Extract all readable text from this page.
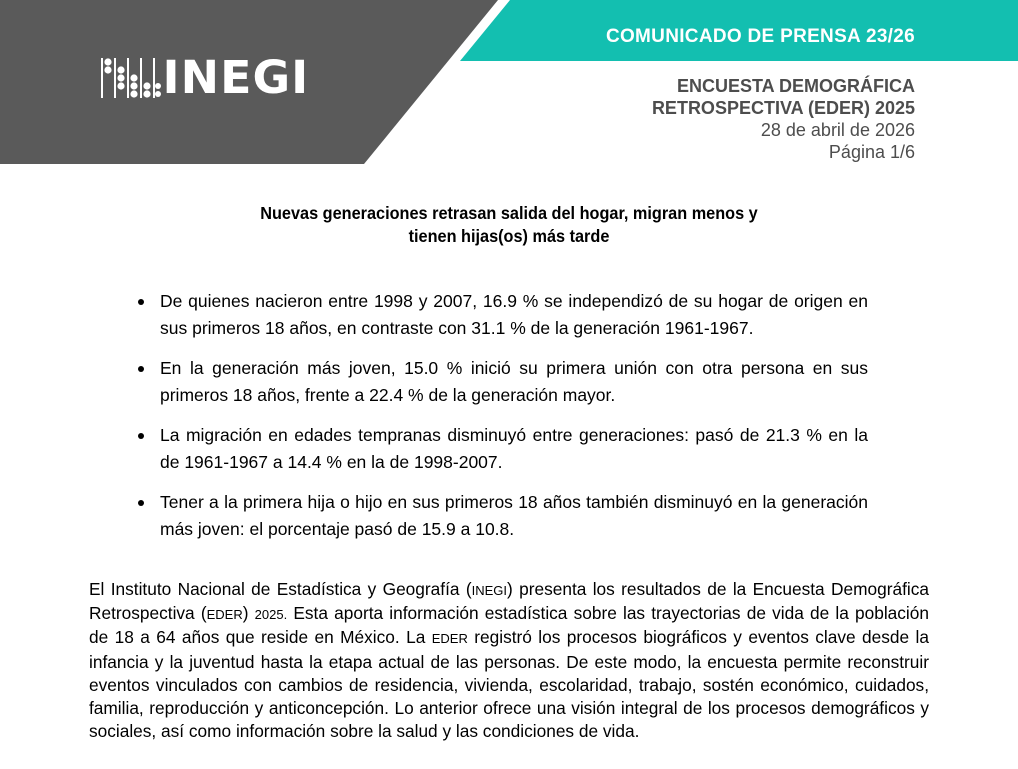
INEGI
COMUNICADO DE PRENSA 23/26
ENCUESTA DEMOGRÁFICA
RETROSPECTIVA (EDER) 2025
28 de abril de 2026
Página 1/6
Nuevas generaciones retrasan salida del hogar, migran menos y
tienen hijas(os) más tarde
De quienes nacieron entre 1998 y 2007, 16.9 % se independizó de su hogar de origen en sus primeros 18 años, en contraste con 31.1 % de la generación 1961-1967.
En la generación más joven, 15.0 % inició su primera unión con otra persona en sus primeros 18 años, frente a 22.4 % de la generación mayor.
La migración en edades tempranas disminuyó entre generaciones: pasó de 21.3 % en la de 1961-1967 a 14.4 % en la de 1998-2007.
Tener a la primera hija o hijo en sus primeros 18 años también disminuyó en la generación más joven: el porcentaje pasó de 15.9 a 10.8.

El Instituto Nacional de Estadística y Geografía (INEGI) presenta los resultados de la Encuesta Demográfica Retrospectiva (EDER) 2025. Esta aporta información estadística sobre las trayectorias de vida de la población de 18 a 64 años que reside en México. La EDER registró los procesos biográficos y eventos clave desde la infancia y la juventud hasta la etapa actual de las personas. De este modo, la encuesta permite reconstruir eventos vinculados con cambios de residencia, vivienda, escolaridad, trabajo, sostén económico, cuidados, familia, reproducción y anticoncepción. Lo anterior ofrece una visión integral de los procesos demográficos y sociales, así como información sobre la salud y las condiciones de vida.
